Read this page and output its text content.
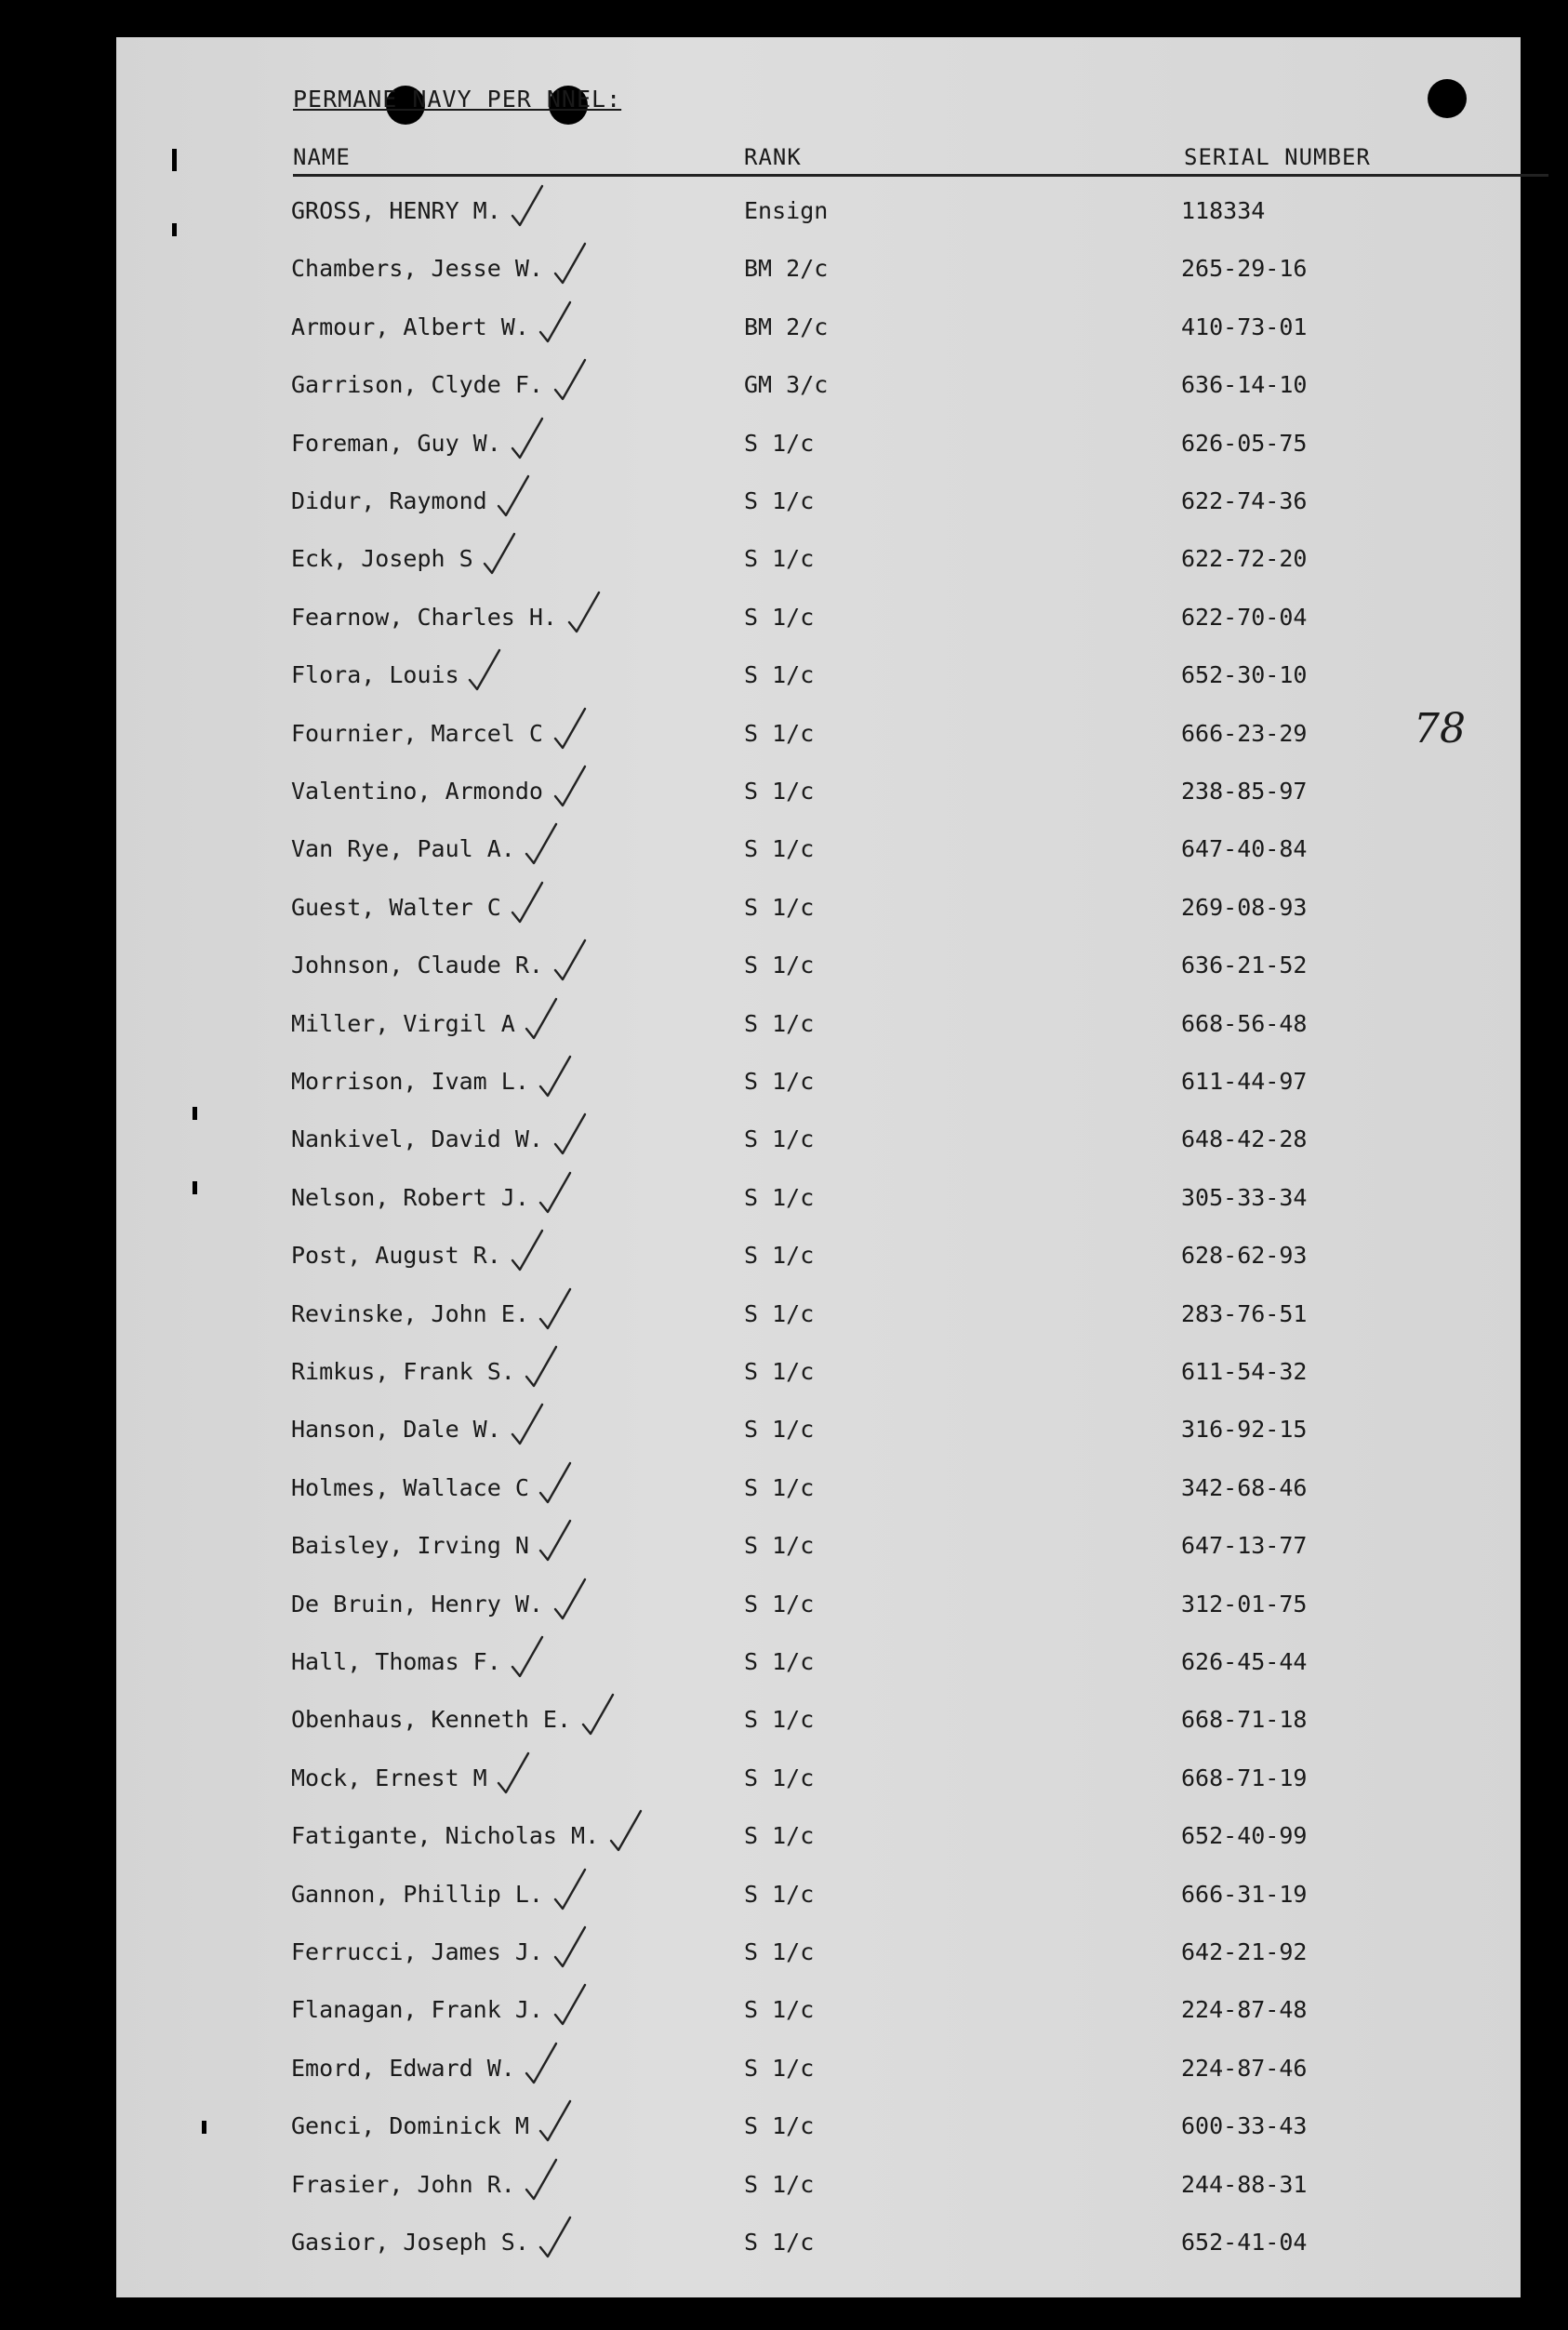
PERMANE NAVY PER NNEL:
NAME	RANK	SERIAL NUMBER
78
GROSS, HENRY M.	Ensign	118334
Chambers, Jesse W.	BM 2/c	265-29-16
Armour, Albert W.	BM 2/c	410-73-01
Garrison, Clyde F.	GM 3/c	636-14-10
Foreman, Guy W.	S 1/c	626-05-75
Didur, Raymond	S 1/c	622-74-36
Eck, Joseph S	S 1/c	622-72-20
Fearnow, Charles H.	S 1/c	622-70-04
Flora, Louis	S 1/c	652-30-10
Fournier, Marcel C	S 1/c	666-23-29
Valentino, Armondo	S 1/c	238-85-97
Van Rye, Paul A.	S 1/c	647-40-84
Guest, Walter C	S 1/c	269-08-93
Johnson, Claude R.	S 1/c	636-21-52
Miller, Virgil A	S 1/c	668-56-48
Morrison, Ivam L.	S 1/c	611-44-97
Nankivel, David W.	S 1/c	648-42-28
Nelson, Robert J.	S 1/c	305-33-34
Post, August R.	S 1/c	628-62-93
Revinske, John E.	S 1/c	283-76-51
Rimkus, Frank S.	S 1/c	611-54-32
Hanson, Dale W.	S 1/c	316-92-15
Holmes, Wallace C	S 1/c	342-68-46
Baisley, Irving N	S 1/c	647-13-77
De Bruin, Henry W.	S 1/c	312-01-75
Hall, Thomas F.	S 1/c	626-45-44
Obenhaus, Kenneth E.	S 1/c	668-71-18
Mock, Ernest M	S 1/c	668-71-19
Fatigante, Nicholas M.	S 1/c	652-40-99
Gannon, Phillip L.	S 1/c	666-31-19
Ferrucci, James J.	S 1/c	642-21-92
Flanagan, Frank J.	S 1/c	224-87-48
Emord, Edward W.	S 1/c	224-87-46
Genci, Dominick M	S 1/c	600-33-43
Frasier, John R.	S 1/c	244-88-31
Gasior, Joseph S.	S 1/c	652-41-04
